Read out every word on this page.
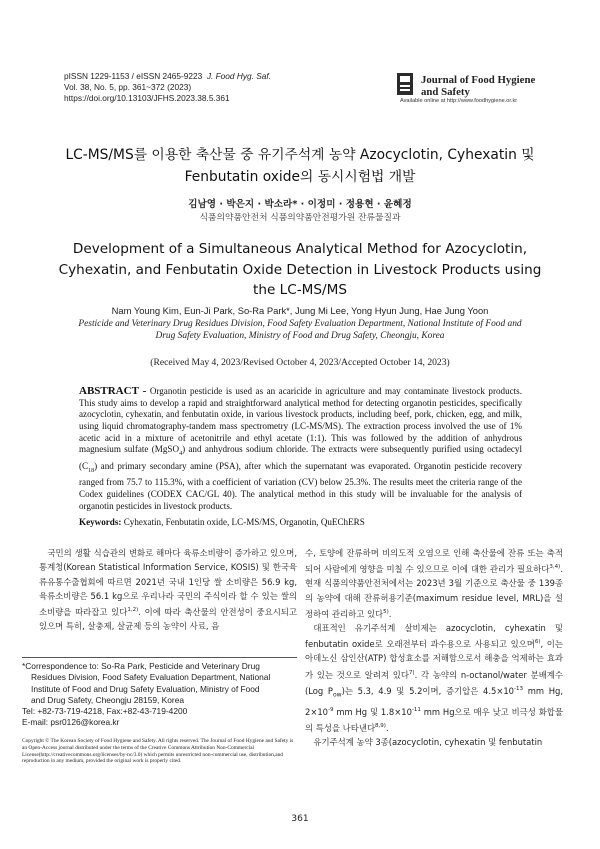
pISSN 1229-1153 / eISSN 2465-9223 J. Food Hyg. Saf.
Vol. 38, No. 5, pp. 361~372 (2023)
https://doi.org/10.13103/JFHS.2023.38.5.361
Journal of Food Hygiene
and Safety
Available online at http://www.foodhygiene.or.kr
LC-MS/MS를 이용한 축산물 중 유기주석계 농약 Azocyclotin, Cyhexatin 및
Fenbutatin oxide의 동시시험법 개발
김남영 · 박은지 · 박소라* · 이정미 · 정용현 · 윤혜정
식품의약품안전처 식품의약품안전평가원 잔류물질과
Development of a Simultaneous Analytical Method for Azocyclotin,
Cyhexatin, and Fenbutatin Oxide Detection in Livestock Products using
the LC-MS/MS
Nam Young Kim, Eun-Ji Park, So-Ra Park*, Jung Mi Lee, Yong Hyun Jung, Hae Jung Yoon
Pesticide and Veterinary Drug Residues Division, Food Safety Evaluation Department, National Institute of Food and
Drug Safety Evaluation, Ministry of Food and Drug Safety, Cheongju, Korea
(Received May 4, 2023/Revised October 4, 2023/Accepted October 14, 2023)
ABSTRACT - Organotin pesticide is used as an acaricide in agriculture and may contaminate livestock products. This study aims to develop a rapid and straightforward analytical method for detecting organotin pesticides, specifically azocyclotin, cyhexatin, and fenbutatin oxide, in various livestock products, including beef, pork, chicken, egg, and milk, using liquid chromatography-tandem mass spectrometry (LC-MS/MS). The extraction process involved the use of 1% acetic acid in a mixture of acetonitrile and ethyl acetate (1:1). This was followed by the addition of anhydrous magnesium sulfate (MgSO$_4$) and anhydrous sodium chloride. The extracts were subsequently purified using octadecyl $(C_{18})$ and primary secondary amine (PSA), after which the supernatant was evaporated. Organotin pesticide recovery ranged from 75.7 to 115.3%, with a coefficient of variation (CV) below 25.3%. The results meet the criteria range of the Codex guidelines (CODEX CAC/GL 40). The analytical method in this study will be invaluable for the analysis of organotin pesticides in livestock products.
Keywords: Cyhexatin, Fenbutatin oxide, LC-MS/MS, Organotin, QuEChERS

국민의 생활 식습관의 변화로 해마다 육류소비량이 증가하고 있으며, 통계청(Korean Statistical Information Service, KOSIS) 및 한국육류유통수출협회에 따르면 2021년 국내 1인당 쌀 소비량은 56.9 kg, 육류소비량은 56.1 kg으로 우리나라 국민의 주식이라 할 수 있는 쌀의 소비량을 따라잡고 있다$^{1,2)}$. 이에 따라 축산물의 안전성이 중요시되고 있으며 특히, 살충제, 살균제 등의 농약이 사료, 음

수, 토양에 잔류하며 비의도적 오염으로 인해 축산물에 잔류 또는 축적되어 사람에게 영향을 미칠 수 있으므로 이에 대한 관리가 필요하다$^{3,4)}$. 현재 식품의약품안전처에서는 2023년 3월 기준으로 축산물 중 139종의 농약에 대해 잔류허용기준(maximum residue level, MRL)을 설정하여 관리하고 있다$^{5)}$.

대표적인 유기주석계 살비제는 azocyclotin, cyhexatin 및 fenbutatin oxide로 오래전부터 과수용으로 사용되고 있으며$^{6)}$, 이는 아데노신 삼인산(ATP) 합성효소를 저해함으로서 해충을 억제하는 효과가 있는 것으로 알려져 있다$^{7)}$. 각 농약의 n-octanol/water 분배계수(Log $P_{ow}$)는 5.3, 4.9 및 5.2이며, 증기압은 $4.5\times 10^{-13}$ mm Hg, $2\times 10^{-9}$ mm Hg 및 $1.8\times 10^{-11}$ mm Hg으로 매우 낮고 비극성 화합물의 특성을 나타낸다$^{8,9)}$.

유기주석계 농약 3종(azocyclotin, cyhexatin 및 fenbutatin

*Correspondence to: So-Ra Park, Pesticide and Veterinary Drug
Residues Division, Food Safety Evaluation Department, National
Institute of Food and Drug Safety Evaluation, Ministry of Food
and Drug Safety, Cheongju 28159, Korea
Tel: +82-73-719-4218, Fax:+82-43-719-4200
E-mail: psr0126@korea.kr
Copyright © The Korean Society of Food Hygiene and Safety. All rights reserved. The Journal of Food Hygiene and Safety is an Open-Access journal distributed under the terms of the Creative Commons Attribution Non-Commercial License(http://creativecommons.org/licenses/by-nc/3.0) which permits unrestricted non-commercial use, distribution,and reproduction in any medium, provided the original work is properly cited.
361
